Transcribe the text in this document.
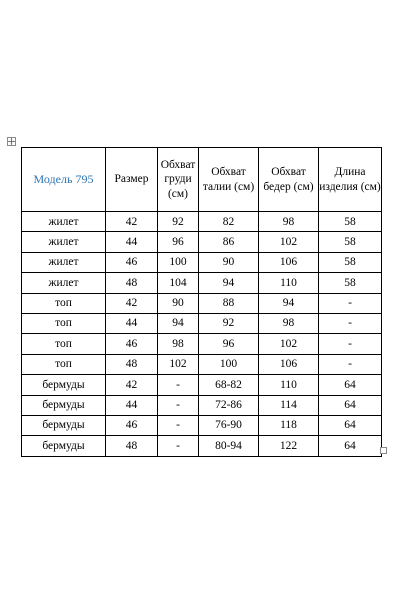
Модель 795	Размер	Обхват груди (см)	Обхват талии (см)	Обхват бедер (см)	Длина изделия (см)

жилет	42	92	82	98	58
жилет	44	96	86	102	58
жилет	46	100	90	106	58
жилет	48	104	94	110	58
топ	42	90	88	94	-
топ	44	94	92	98	-
топ	46	98	96	102	-
топ	48	102	100	106	-
бермуды	42	-	68-82	110	64
бермуды	44	-	72-86	114	64
бермуды	46	-	76-90	118	64
бермуды	48	-	80-94	122	64
